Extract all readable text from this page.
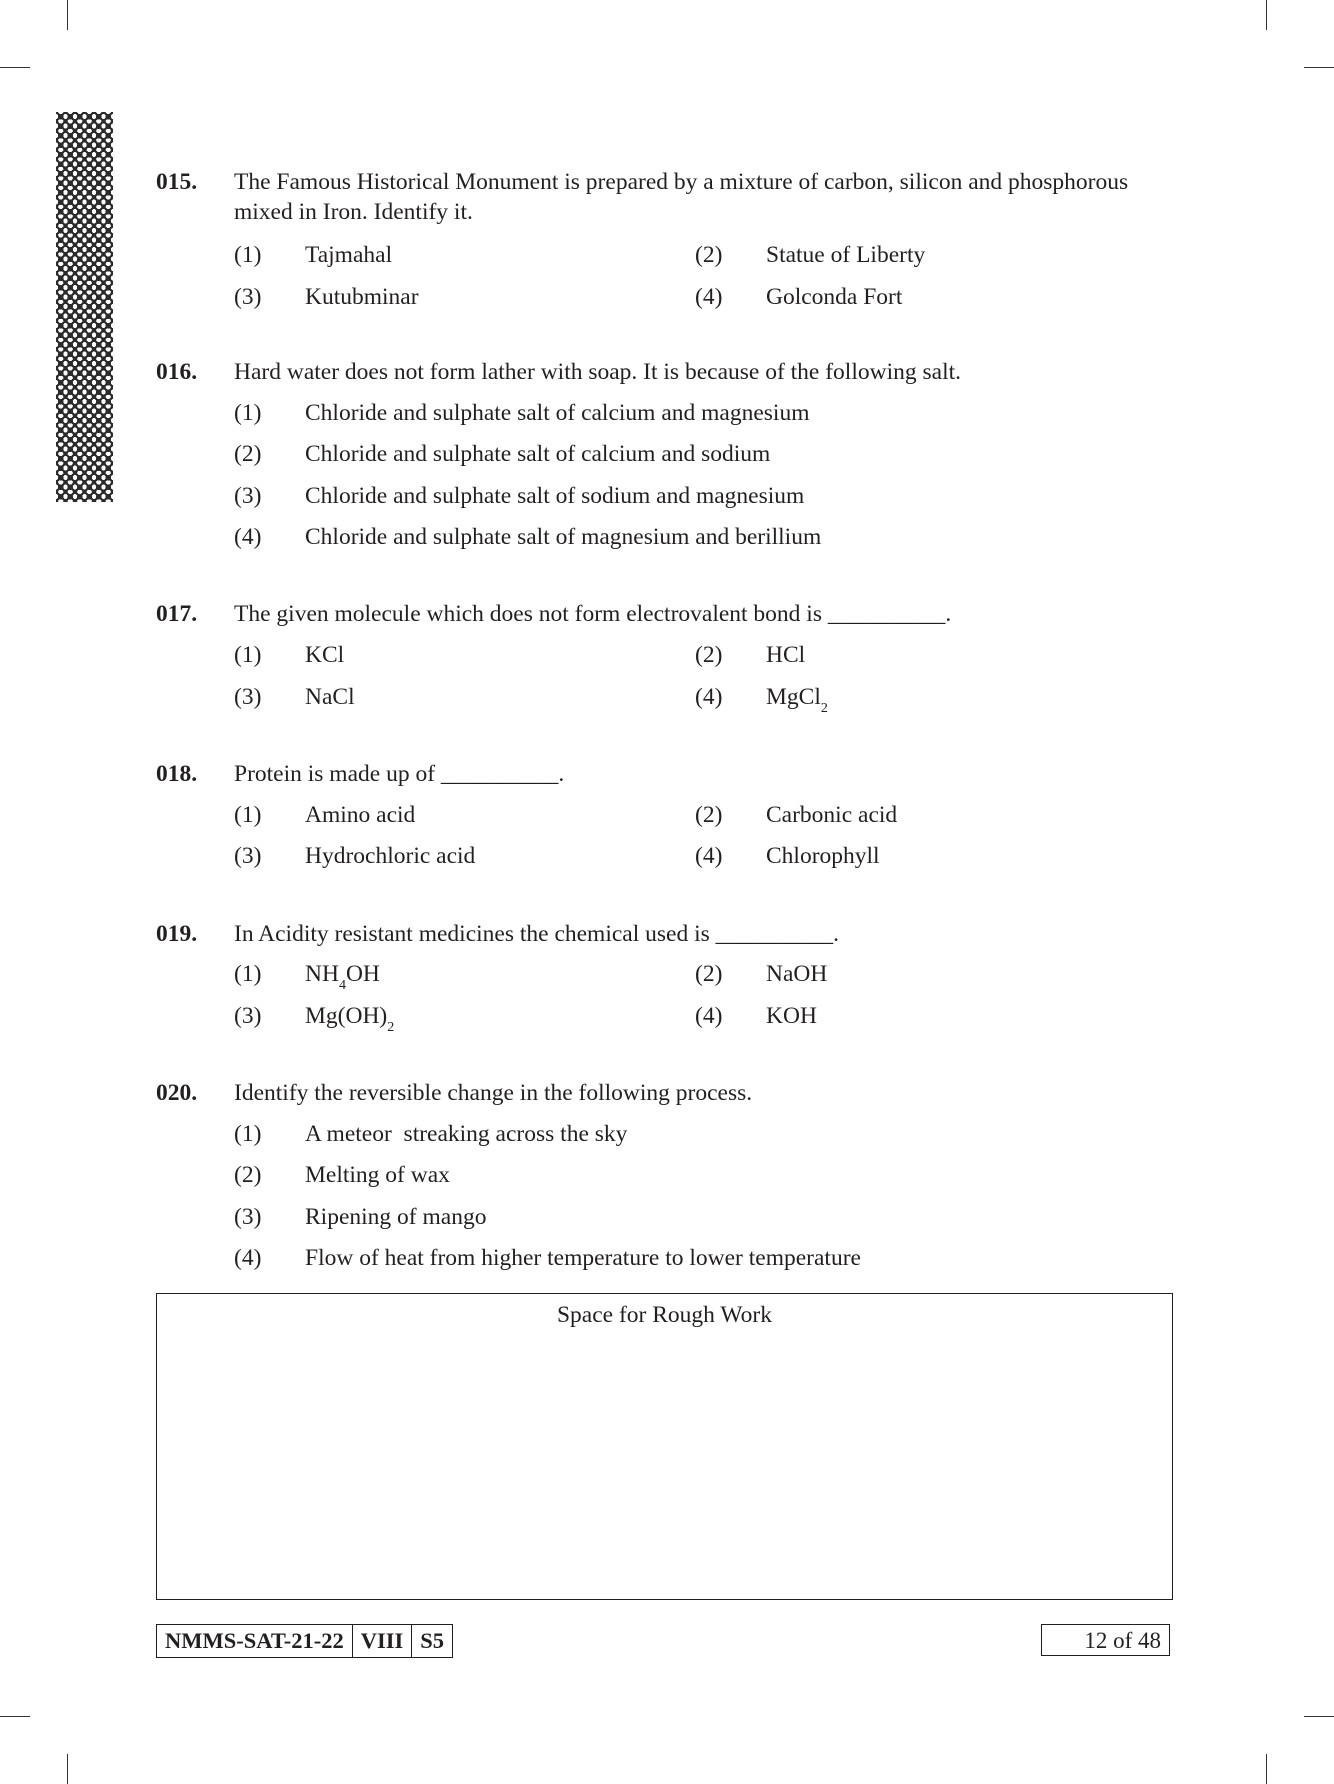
015. The Famous Historical Monument is prepared by a mixture of carbon, silicon and phosphorous mixed in Iron. Identify it.
(1) Tajmahal	(2) Statue of Liberty
(3) Kutubminar	(4) Golconda Fort
016. Hard water does not form lather with soap. It is because of the following salt.
(1) Chloride and sulphate salt of calcium and magnesium
(2) Chloride and sulphate salt of calcium and sodium
(3) Chloride and sulphate salt of sodium and magnesium
(4) Chloride and sulphate salt of magnesium and berillium
017. The given molecule which does not form electrovalent bond is __________.
(1) KCl	(2) HCl
(3) NaCl	(4) MgCl$_2$
018. Protein is made up of __________.
(1) Amino acid	(2) Carbonic acid
(3) Hydrochloric acid	(4) Chlorophyll
019. In Acidity resistant medicines the chemical used is __________.
(1) $NH_4OH$	(2) NaOH
(3) $Mg(OH)_2$	(4) KOH
020. Identify the reversible change in the following process.
(1) A meteor  streaking across the sky
(2) Melting of wax
(3) Ripening of mango
(4) Flow of heat from higher temperature to lower temperature
Space for Rough Work
NMMS-SAT-21-22 VIII S5	12 of 48
